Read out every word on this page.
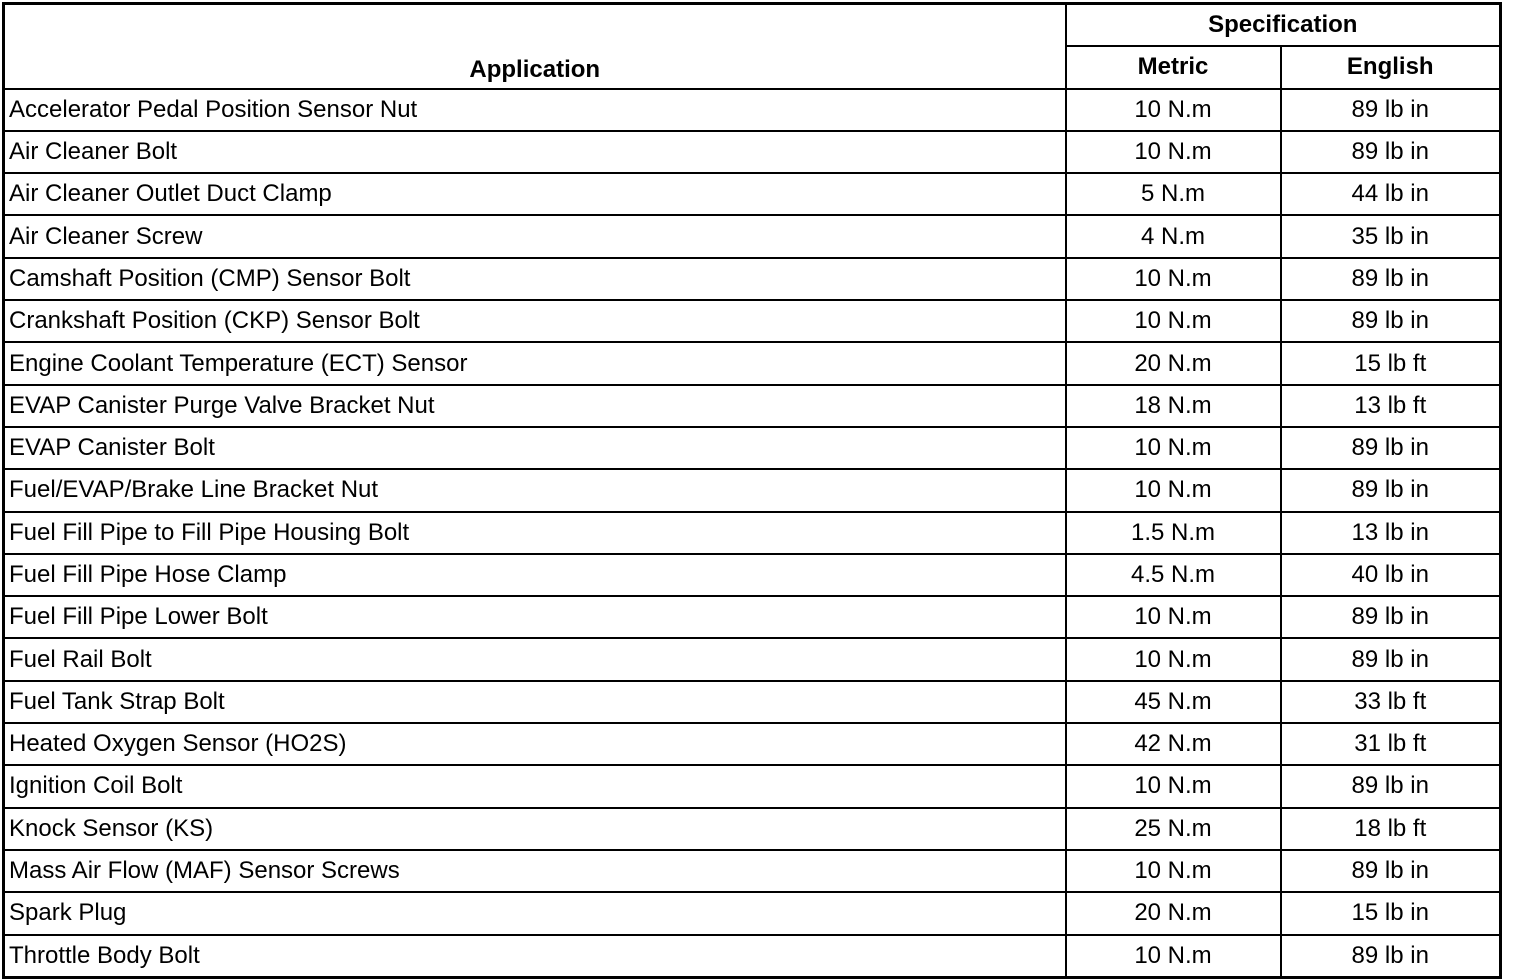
Application	Specification	
	Metric	English
Accelerator Pedal Position Sensor Nut	10 N.m	89 lb in
Air Cleaner Bolt	10 N.m	89 lb in
Air Cleaner Outlet Duct Clamp	5 N.m	44 lb in
Air Cleaner Screw	4 N.m	35 lb in
Camshaft Position (CMP) Sensor Bolt	10 N.m	89 lb in
Crankshaft Position (CKP) Sensor Bolt	10 N.m	89 lb in
Engine Coolant Temperature (ECT) Sensor	20 N.m	15 lb ft
EVAP Canister Purge Valve Bracket Nut	18 N.m	13 lb ft
EVAP Canister Bolt	10 N.m	89 lb in
Fuel/EVAP/Brake Line Bracket Nut	10 N.m	89 lb in
Fuel Fill Pipe to Fill Pipe Housing Bolt	1.5 N.m	13 lb in
Fuel Fill Pipe Hose Clamp	4.5 N.m	40 lb in
Fuel Fill Pipe Lower Bolt	10 N.m	89 lb in
Fuel Rail Bolt	10 N.m	89 lb in
Fuel Tank Strap Bolt	45 N.m	33 lb ft
Heated Oxygen Sensor (HO2S)	42 N.m	31 lb ft
Ignition Coil Bolt	10 N.m	89 lb in
Knock Sensor (KS)	25 N.m	18 lb ft
Mass Air Flow (MAF) Sensor Screws	10 N.m	89 lb in
Spark Plug	20 N.m	15 lb in
Throttle Body Bolt	10 N.m	89 lb in
